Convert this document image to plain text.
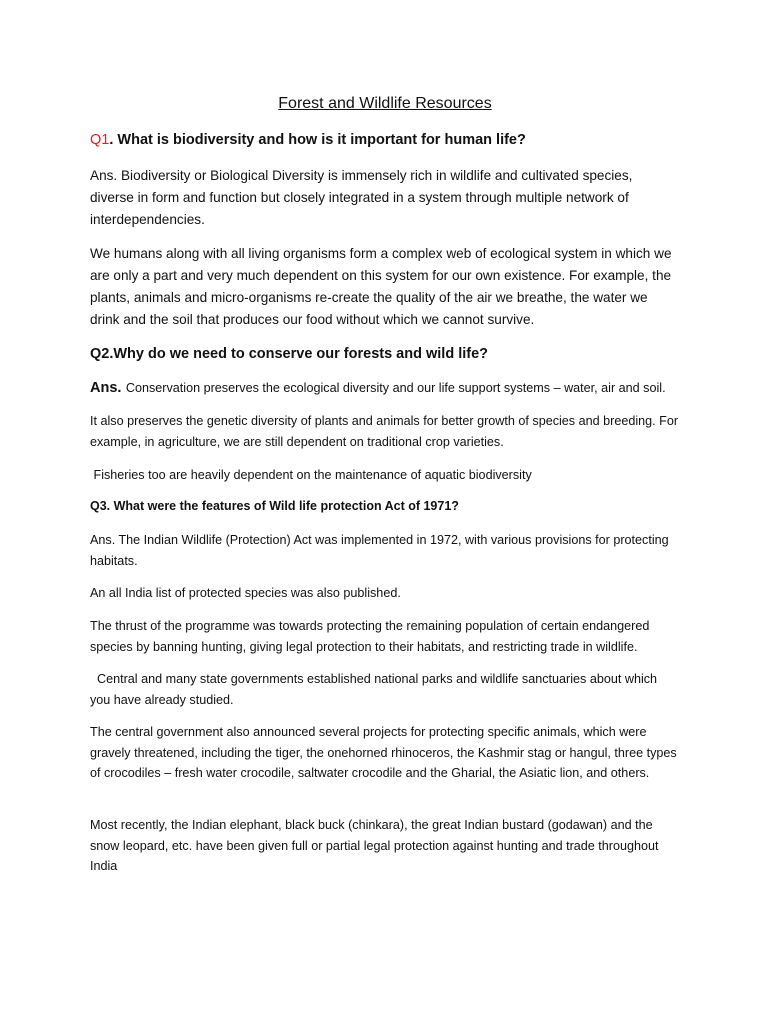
Forest and Wildlife Resources
Q1. What is biodiversity and how is it important for human life?

Ans. Biodiversity or Biological Diversity is immensely rich in wildlife and cultivated species, diverse in form and function but closely integrated in a system through multiple network of interdependencies.

We humans along with all living organisms form a complex web of ecological system in which we are only a part and very much dependent on this system for our own existence. For example, the plants, animals and micro-organisms re-create the quality of the air we breathe, the water we drink and the soil that produces our food without which we cannot survive.

Q2.Why do we need to conserve our forests and wild life?
Ans. Conservation preserves the ecological diversity and our life support systems – water, air and soil.

It also preserves the genetic diversity of plants and animals for better growth of species and breeding. For example, in agriculture, we are still dependent on traditional crop varieties.

Fisheries too are heavily dependent on the maintenance of aquatic biodiversity

Q3. What were the features of Wild life protection Act of 1971?

Ans. The Indian Wildlife (Protection) Act was implemented in 1972, with various provisions for protecting habitats.

An all India list of protected species was also published.

The thrust of the programme was towards protecting the remaining population of certain endangered species by banning hunting, giving legal protection to their habitats, and restricting trade in wildlife.

Central and many state governments established national parks and wildlife sanctuaries about which you have already studied.

The central government also announced several projects for protecting specific animals, which were gravely threatened, including the tiger, the onehorned rhinoceros, the Kashmir stag or hangul, three types of crocodiles – fresh water crocodile, saltwater crocodile and the Gharial, the Asiatic lion, and others.

Most recently, the Indian elephant, black buck (chinkara), the great Indian bustard (godawan) and the snow leopard, etc. have been given full or partial legal protection against hunting and trade throughout India
